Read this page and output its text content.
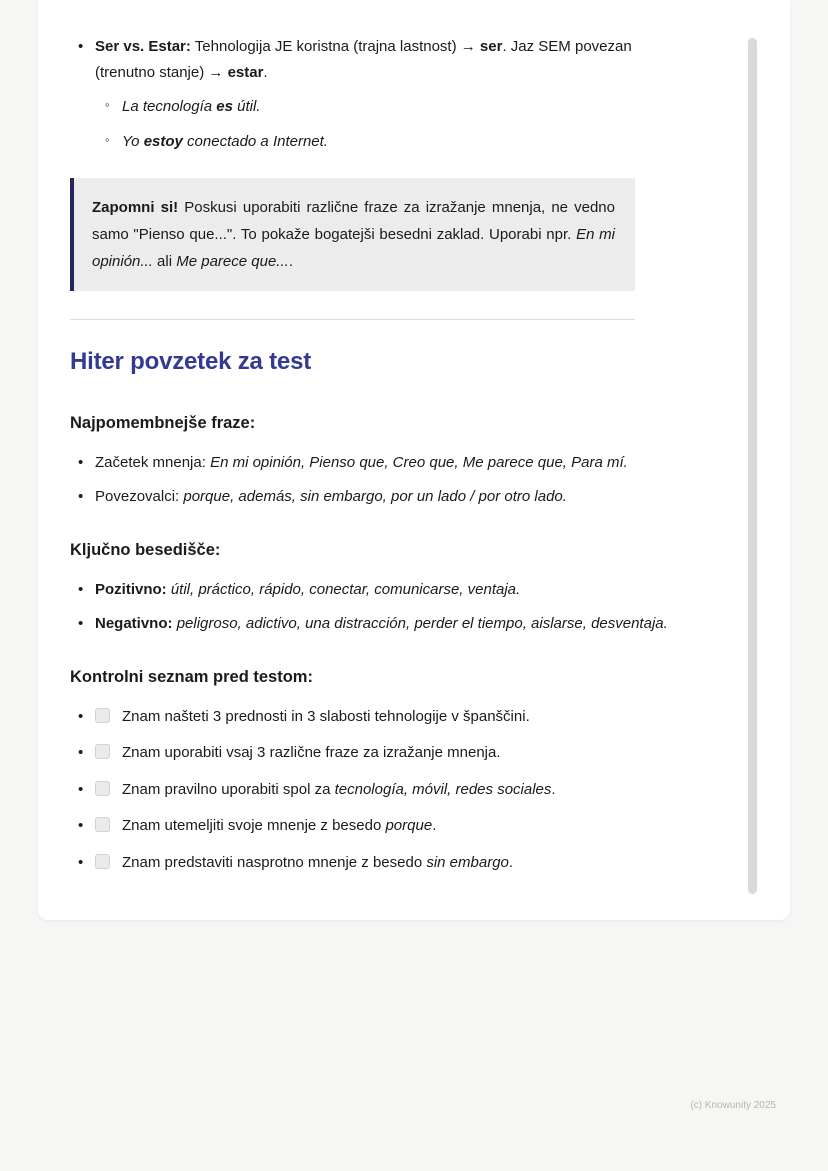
•
Ser vs. Estar: Tehnologija JE koristna (trajna lastnost) → ser. Jaz SEM povezan (trenutno stanje) → estar.
◦
La tecnología es útil.
◦
Yo estoy conectado a Internet.

Zapomni si! Poskusi uporabiti različne fraze za izražanje mnenja, ne vedno samo "Pienso que...". To pokaže bogatejši besedni zaklad. Uporabi npr. En mi opinión... ali Me parece que....

Hiter povzetek za test
Najpomembnejše fraze:
•
Začetek mnenja: En mi opinión, Pienso que, Creo que, Me parece que, Para mí.
•
Povezovalci: porque, además, sin embargo, por un lado / por otro lado.
Ključno besedišče:
•
Pozitivno: útil, práctico, rápido, conectar, comunicarse, ventaja.
•
Negativno: peligroso, adictivo, una distracción, perder el tiempo, aislarse, desventaja.
Kontrolni seznam pred testom:
•
Znam našteti 3 prednosti in 3 slabosti tehnologije v španščini.
•
Znam uporabiti vsaj 3 različne fraze za izražanje mnenja.
•
Znam pravilno uporabiti spol za tecnología, móvil, redes sociales.
•
Znam utemeljiti svoje mnenje z besedo porque.
•
Znam predstaviti nasprotno mnenje z besedo sin embargo.
(c) Knowunity 2025
